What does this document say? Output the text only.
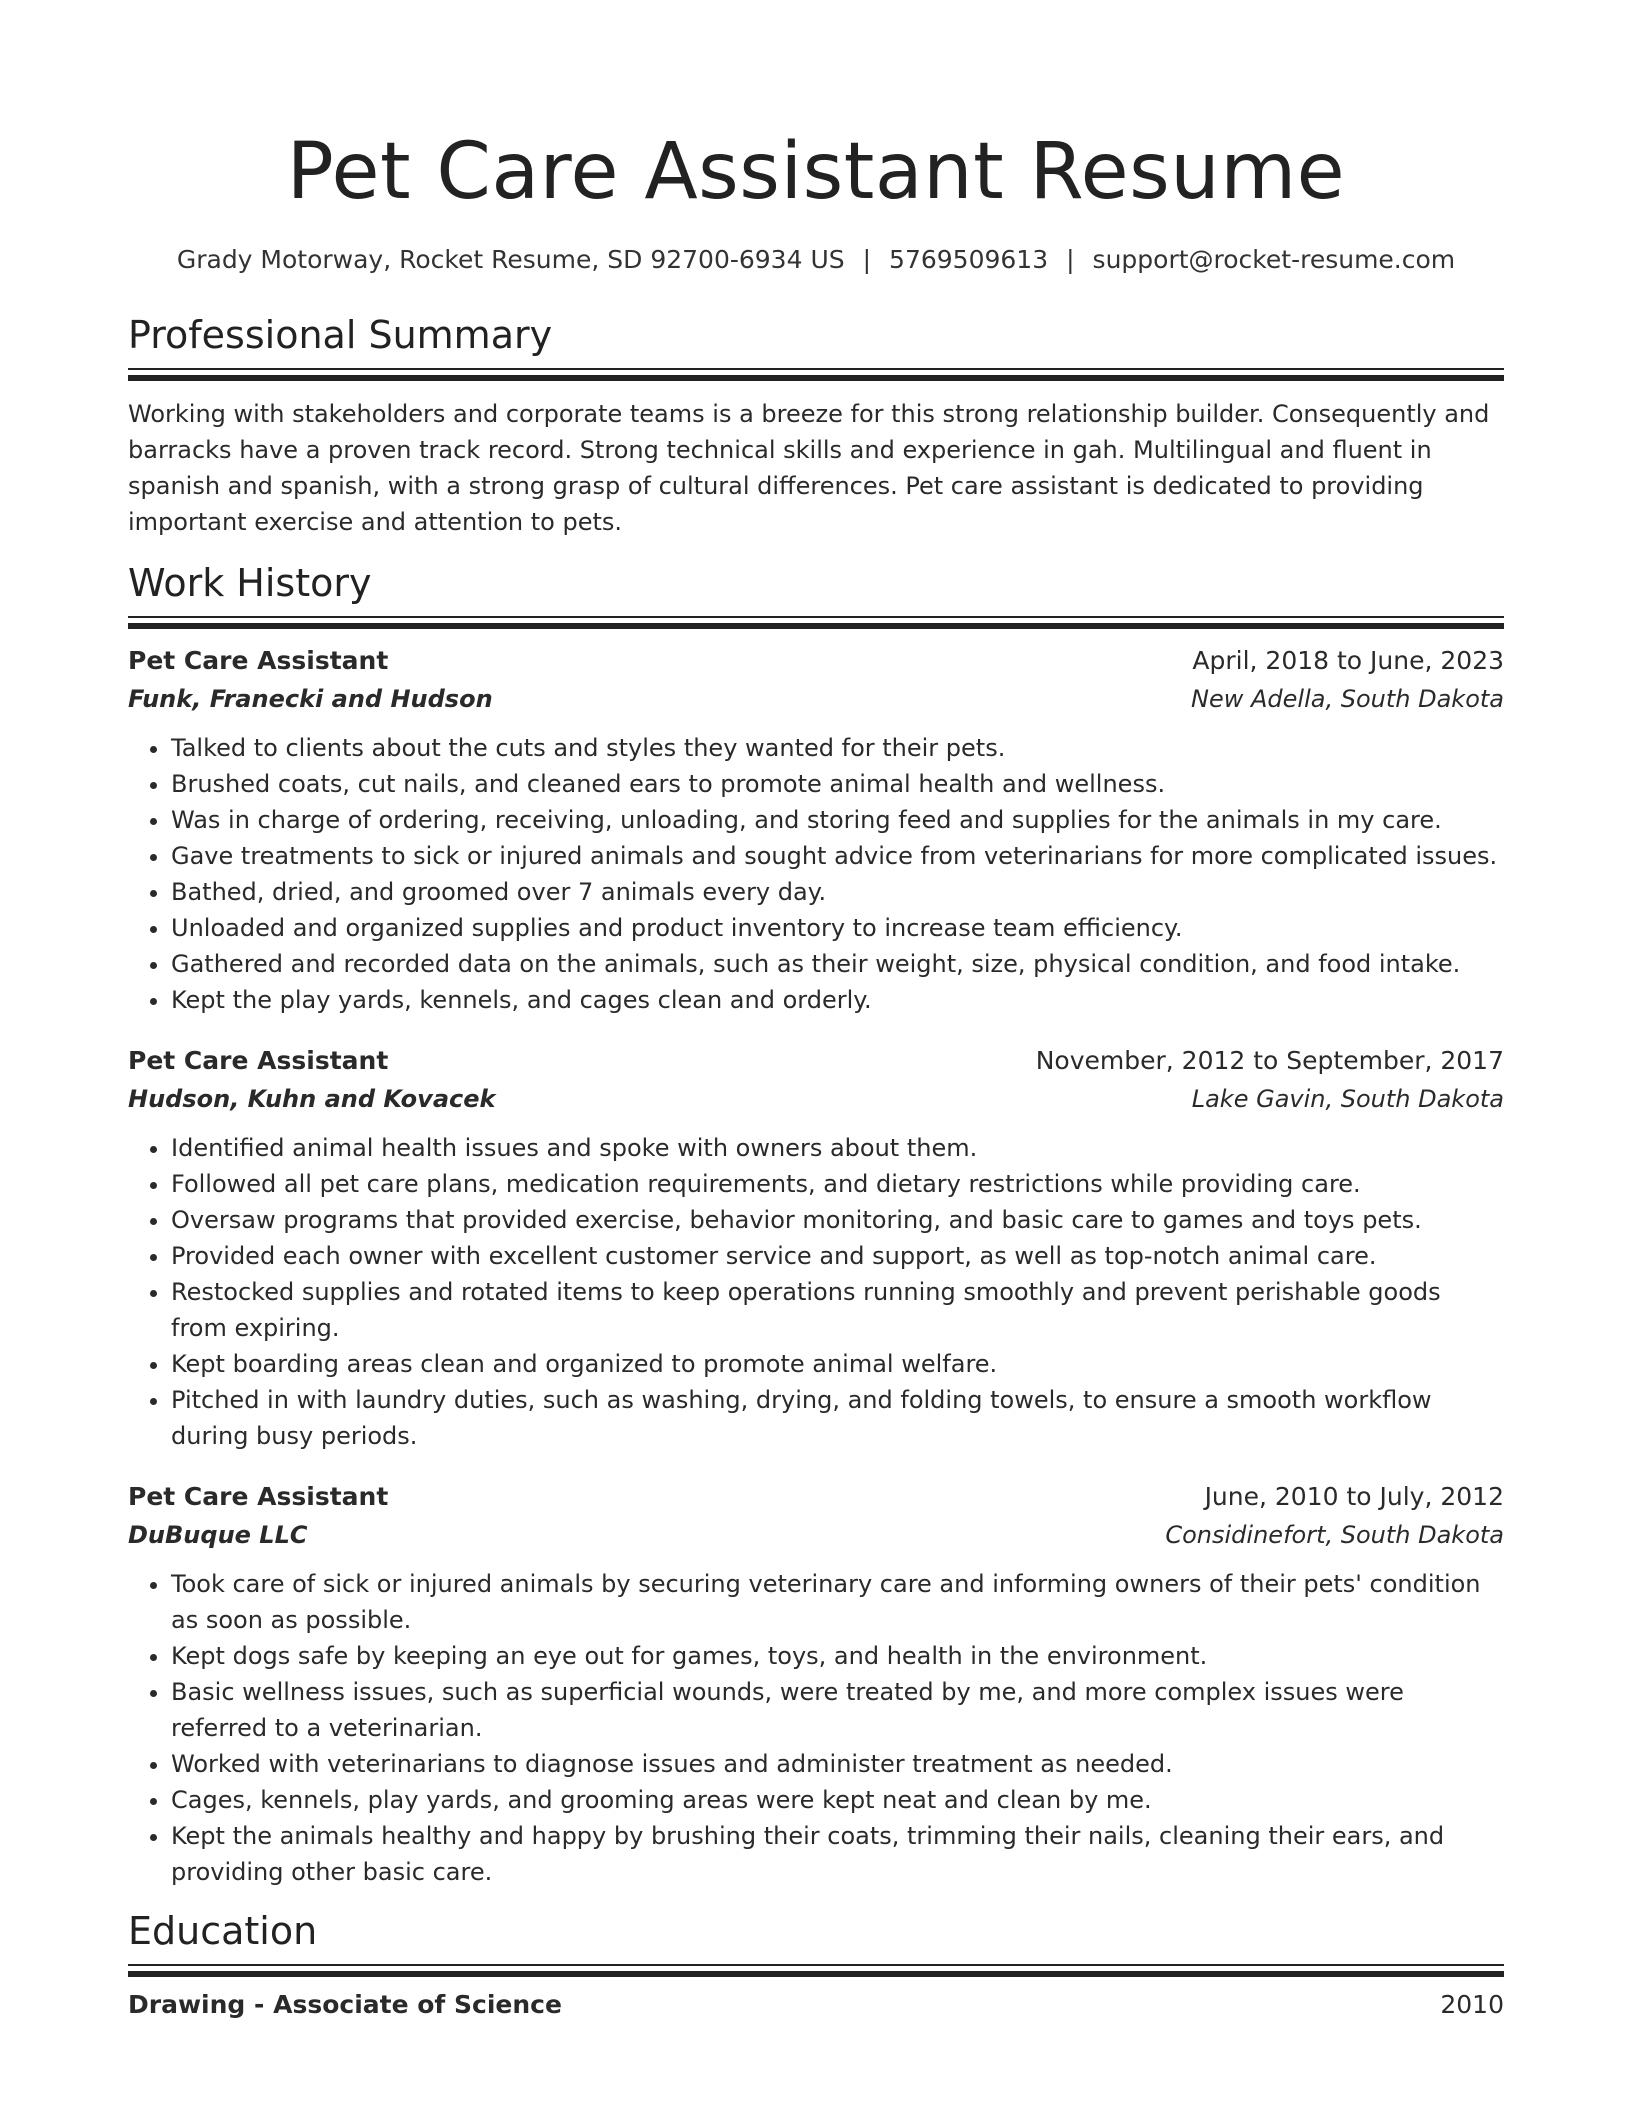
Pet Care Assistant Resume
Grady Motorway, Rocket Resume, SD 92700-6934 US | 5769509613 | support@rocket-resume.com
Professional Summary

Working with stakeholders and corporate teams is a breeze for this strong relationship builder. Consequently and barracks have a proven track record. Strong technical skills and experience in gah. Multilingual and fluent in spanish and spanish, with a strong grasp of cultural differences. Pet care assistant is dedicated to providing important exercise and attention to pets.

Work History
Pet Care Assistant	April, 2018 to June, 2023
Funk, Franecki and Hudson	New Adella, South Dakota
• Talked to clients about the cuts and styles they wanted for their pets.
• Brushed coats, cut nails, and cleaned ears to promote animal health and wellness.
• Was in charge of ordering, receiving, unloading, and storing feed and supplies for the animals in my care.
• Gave treatments to sick or injured animals and sought advice from veterinarians for more complicated issues.
• Bathed, dried, and groomed over 7 animals every day.
• Unloaded and organized supplies and product inventory to increase team efficiency.
• Gathered and recorded data on the animals, such as their weight, size, physical condition, and food intake.
• Kept the play yards, kennels, and cages clean and orderly.
Pet Care Assistant	November, 2012 to September, 2017
Hudson, Kuhn and Kovacek	Lake Gavin, South Dakota
• Identified animal health issues and spoke with owners about them.
• Followed all pet care plans, medication requirements, and dietary restrictions while providing care.
• Oversaw programs that provided exercise, behavior monitoring, and basic care to games and toys pets.
• Provided each owner with excellent customer service and support, as well as top-notch animal care.
• Restocked supplies and rotated items to keep operations running smoothly and prevent perishable goods from expiring.
• Kept boarding areas clean and organized to promote animal welfare.
• Pitched in with laundry duties, such as washing, drying, and folding towels, to ensure a smooth workflow during busy periods.
Pet Care Assistant	June, 2010 to July, 2012
DuBuque LLC	Considinefort, South Dakota
• Took care of sick or injured animals by securing veterinary care and informing owners of their pets' condition as soon as possible.
• Kept dogs safe by keeping an eye out for games, toys, and health in the environment.
• Basic wellness issues, such as superficial wounds, were treated by me, and more complex issues were referred to a veterinarian.
• Worked with veterinarians to diagnose issues and administer treatment as needed.
• Cages, kennels, play yards, and grooming areas were kept neat and clean by me.
• Kept the animals healthy and happy by brushing their coats, trimming their nails, cleaning their ears, and providing other basic care.
Education
Drawing - Associate of Science	2010
